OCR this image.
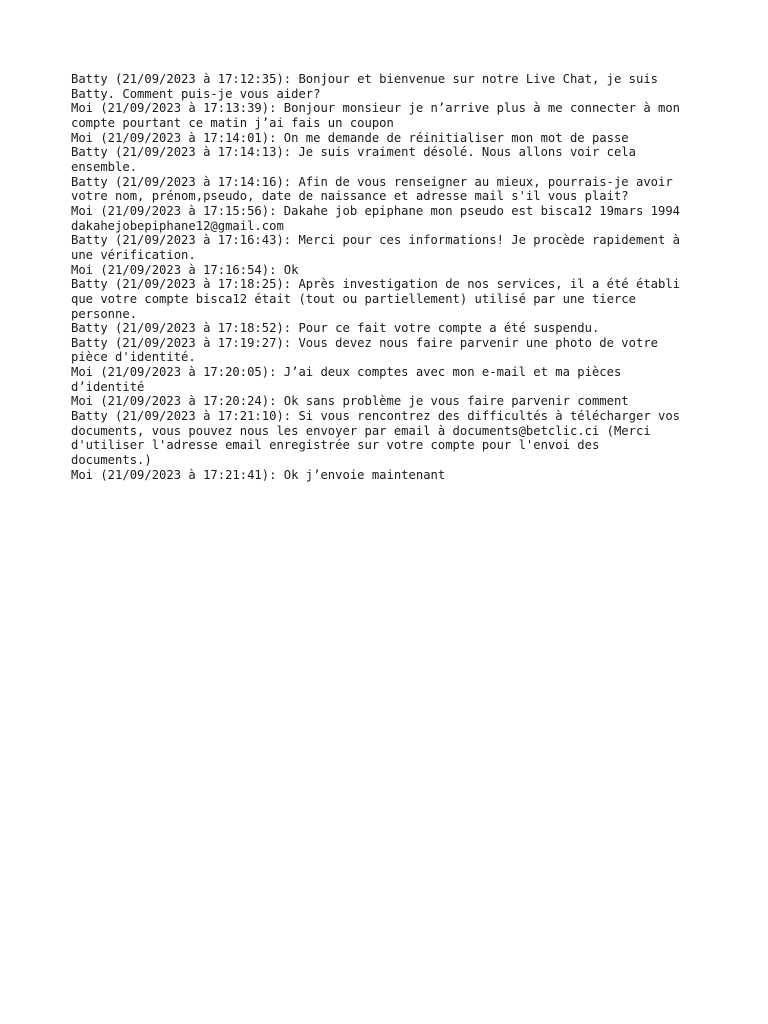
Batty (21/09/2023 à 17:12:35): Bonjour et bienvenue sur notre Live Chat, je suis
Batty. Comment puis-je vous aider?

Moi (21/09/2023 à 17:13:39): Bonjour monsieur je n’arrive plus à me connecter à mon
compte pourtant ce matin j’ai fais un coupon

Moi (21/09/2023 à 17:14:01): On me demande de réinitialiser mon mot de passe

Batty (21/09/2023 à 17:14:13): Je suis vraiment désolé. Nous allons voir cela
ensemble.

Batty (21/09/2023 à 17:14:16): Afin de vous renseigner au mieux, pourrais-je avoir
votre nom, prénom,pseudo, date de naissance et adresse mail s'il vous plait?

Moi (21/09/2023 à 17:15:56): Dakahe job epiphane mon pseudo est bisca12 19mars 1994
dakahejobepiphane12@gmail.com

Batty (21/09/2023 à 17:16:43): Merci pour ces informations! Je procède rapidement à
une vérification.

Moi (21/09/2023 à 17:16:54): Ok

Batty (21/09/2023 à 17:18:25): Après investigation de nos services, il a été établi
que votre compte bisca12 était (tout ou partiellement) utilisé par une tierce
personne.

Batty (21/09/2023 à 17:18:52): Pour ce fait votre compte a été suspendu.

Batty (21/09/2023 à 17:19:27): Vous devez nous faire parvenir une photo de votre
pièce d'identité.

Moi (21/09/2023 à 17:20:05): J’ai deux comptes avec mon e-mail et ma pièces
d’identité

Moi (21/09/2023 à 17:20:24): Ok sans problème je vous faire parvenir comment

Batty (21/09/2023 à 17:21:10): Si vous rencontrez des difficultés à télécharger vos
documents, vous pouvez nous les envoyer par email à documents@betclic.ci (Merci
d'utiliser l'adresse email enregistrée sur votre compte pour l'envoi des
documents.)

Moi (21/09/2023 à 17:21:41): Ok j’envoie maintenant
